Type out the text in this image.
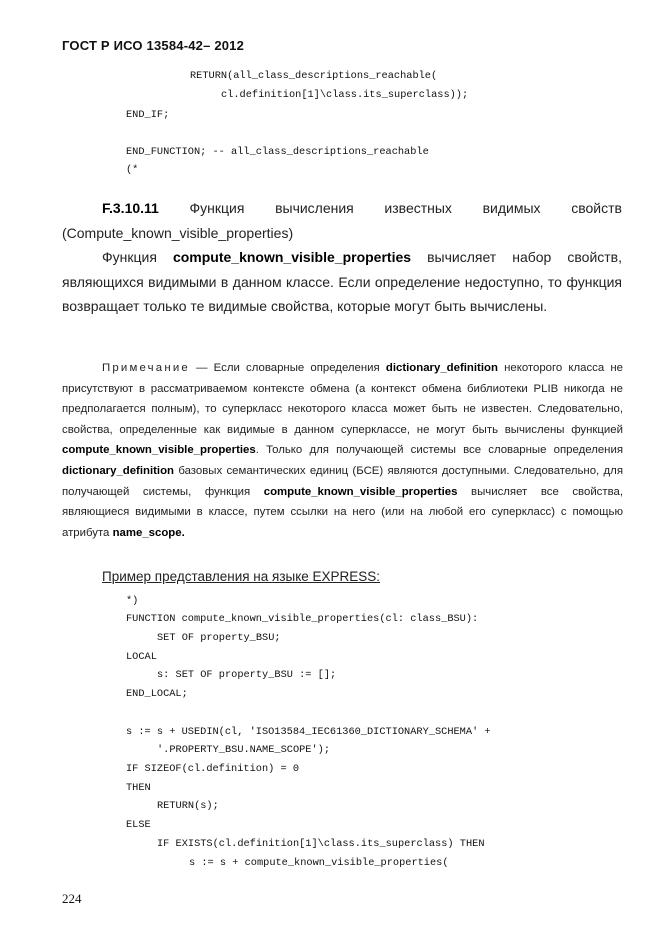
ГОСТ Р ИСО 13584-42– 2012
RETURN(all_class_descriptions_reachable(
cl.definition[1]\class.its_superclass));
END_IF;
END_FUNCTION; -- all_class_descriptions_reachable
(*
F.3.10.11 Функция вычисления известных видимых свойств
(Compute_known_visible_properties)
Функция compute_known_visible_properties вычисляет набор свойств, являющихся видимыми в данном классе. Если определение недоступно, то функция возвращает только те видимые свойства, которые могут быть вычислены.
Примечание — Если словарные определения dictionary_definition некоторого класса не присутствуют в рассматриваемом контексте обмена (а контекст обмена библиотеки PLIB никогда не предполагается полным), то суперкласс некоторого класса может быть не известен. Следовательно, свойства, определенные как видимые в данном суперклассе, не могут быть вычислены функцией compute_known_visible_properties. Только для получающей системы все словарные определения dictionary_definition базовых семантических единиц (БСЕ) являются доступными. Следовательно, для получающей системы, функция compute_known_visible_properties вычисляет все свойства, являющиеся видимыми в классе, путем ссылки на него (или на любой его суперкласс) с помощью атрибута name_scope.
Пример представления на языке EXPRESS:
*)
FUNCTION compute_known_visible_properties(cl: class_BSU):
SET OF property_BSU;
LOCAL
s: SET OF property_BSU := [];
END_LOCAL;
s := s + USEDIN(cl, 'ISO13584_IEC61360_DICTIONARY_SCHEMA' +
'.PROPERTY_BSU.NAME_SCOPE');
IF SIZEOF(cl.definition) = 0
THEN
RETURN(s);
ELSE
IF EXISTS(cl.definition[1]\class.its_superclass) THEN
s := s + compute_known_visible_properties(
224
